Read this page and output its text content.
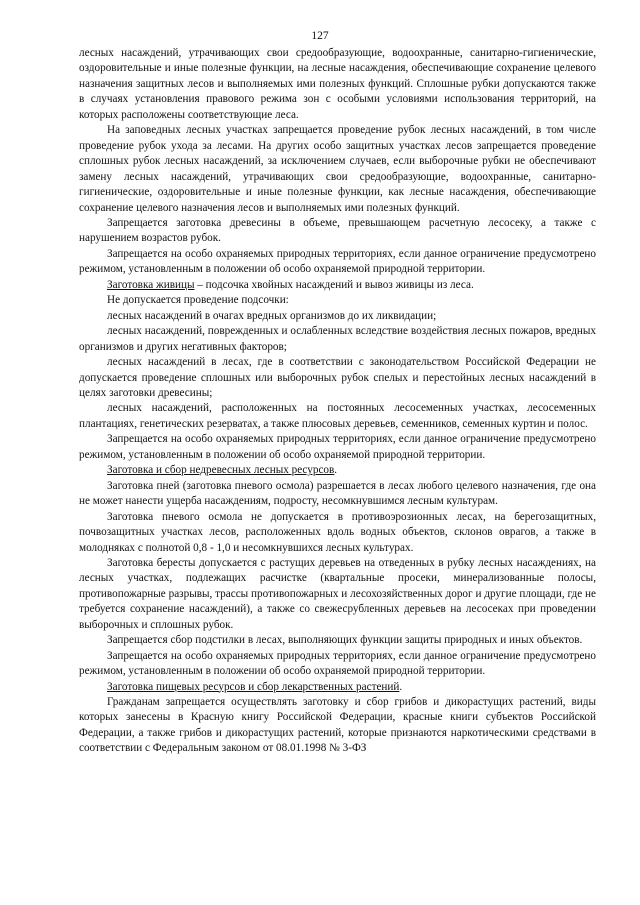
127

лесных насаждений, утрачивающих свои средообразующие, водоохранные, санитарно-гигиенические, оздоровительные и иные полезные функции, на лесные насаждения, обеспечивающие сохранение целевого назначения защитных лесов и выполняемых ими полезных функций. Сплошные рубки допускаются также в случаях установления правового режима зон с особыми условиями использования территорий, на которых расположены соответствующие леса.

На заповедных лесных участках запрещается проведение рубок лесных насаждений, в том числе проведение рубок ухода за лесами. На других особо защитных участках лесов запрещается проведение сплошных рубок лесных насаждений, за исключением случаев, если выборочные рубки не обеспечивают замену лесных насаждений, утрачивающих свои средообразующие, водоохранные, санитарно-гигиенические, оздоровительные и иные полезные функции, как лесные насаждения, обеспечивающие сохранение целевого назначения лесов и выполняемых ими полезных функций.

Запрещается заготовка древесины в объеме, превышающем расчетную лесосеку, а также с нарушением возрастов рубок.

Запрещается на особо охраняемых природных территориях, если данное ограничение предусмотрено режимом, установленным в положении об особо охраняемой природной территории.

Заготовка живицы – подсочка хвойных насаждений и вывоз живицы из леса.

Не допускается проведение подсочки:

лесных насаждений в очагах вредных организмов до их ликвидации;

лесных насаждений, поврежденных и ослабленных вследствие воздействия лесных пожаров, вредных организмов и других негативных факторов;

лесных насаждений в лесах, где в соответствии с законодательством Российской Федерации не допускается проведение сплошных или выборочных рубок спелых и перестойных лесных насаждений в целях заготовки древесины;

лесных насаждений, расположенных на постоянных лесосеменных участках, лесосеменных плантациях, генетических резерватах, а также плюсовых деревьев, семенников, семенных куртин и полос.

Запрещается на особо охраняемых природных территориях, если данное ограничение предусмотрено режимом, установленным в положении об особо охраняемой природной территории.

Заготовка и сбор недревесных лесных ресурсов.

Заготовка пней (заготовка пневого осмола) разрешается в лесах любого целевого назначения, где она не может нанести ущерба насаждениям, подросту, несомкнувшимся лесным культурам.

Заготовка пневого осмола не допускается в противоэрозионных лесах, на берегозащитных, почвозащитных участках лесов, расположенных вдоль водных объектов, склонов оврагов, а также в молодняках с полнотой 0,8 - 1,0 и несомкнувшихся лесных культурах.

Заготовка бересты допускается с растущих деревьев на отведенных в рубку лесных насаждениях, на лесных участках, подлежащих расчистке (квартальные просеки, минерализованные полосы, противопожарные разрывы, трассы противопожарных и лесохозяйственных дорог и другие площади, где не требуется сохранение насаждений), а также со свежесрубленных деревьев на лесосеках при проведении выборочных и сплошных рубок.

Запрещается сбор подстилки в лесах, выполняющих функции защиты природных и иных объектов.

Запрещается на особо охраняемых природных территориях, если данное ограничение предусмотрено режимом, установленным в положении об особо охраняемой природной территории.

Заготовка пищевых ресурсов и сбор лекарственных растений.

Гражданам запрещается осуществлять заготовку и сбор грибов и дикорастущих растений, виды которых занесены в Красную книгу Российской Федерации, красные книги субъектов Российской Федерации, а также грибов и дикорастущих растений, которые признаются наркотическими средствами в соответствии с Федеральным законом от 08.01.1998 № 3-ФЗ
